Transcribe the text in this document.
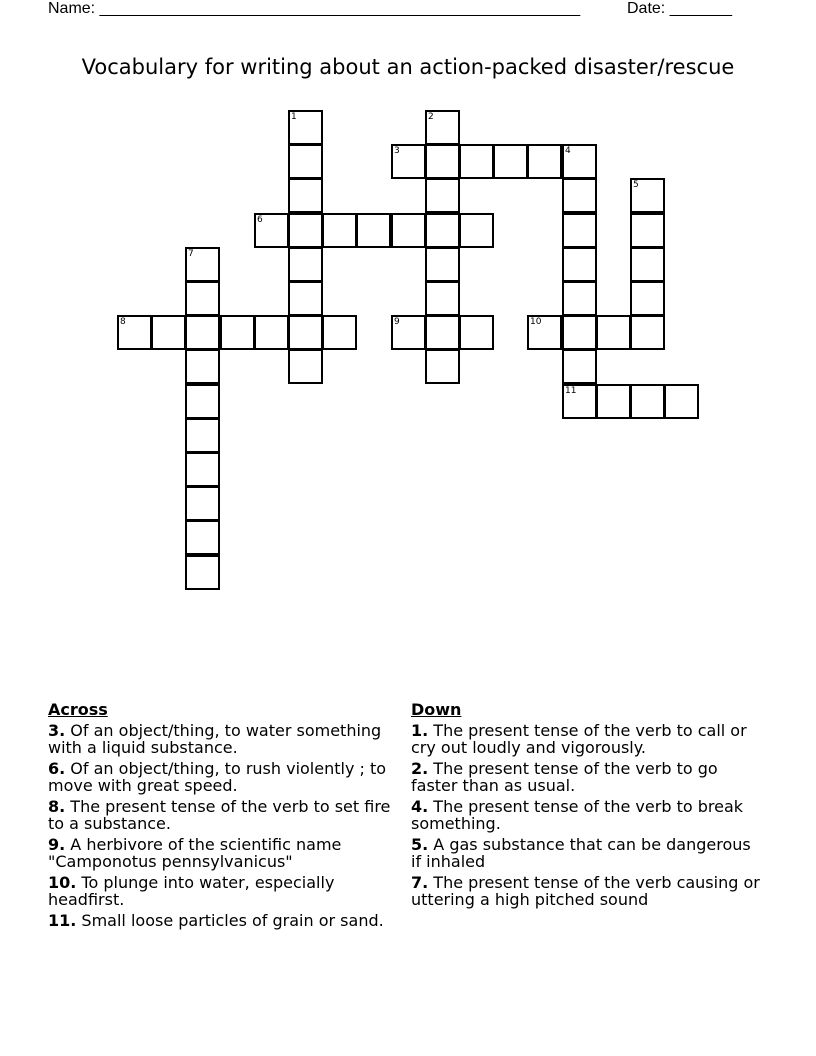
Name: ______________________________________________________	Date: _______
Vocabulary for writing about an action-packed disaster/rescue
1	2
3	4
11
5
6
7
8	9	10
Across
3. Of an object/thing, to water something with a liquid substance.
6. Of an object/thing, to rush violently ; to move with great speed.
8. The present tense of the verb to set fire to a substance.
9. A herbivore of the scientific name "Camponotus pennsylvanicus"
10. To plunge into water, especially headfirst.
11. Small loose particles of grain or sand.
Down
1. The present tense of the verb to call or cry out loudly and vigorously.
2. The present tense of the verb to go faster than as usual.
4. The present tense of the verb to break something.
5. A gas substance that can be dangerous if inhaled
7. The present tense of the verb causing or uttering a high pitched sound
